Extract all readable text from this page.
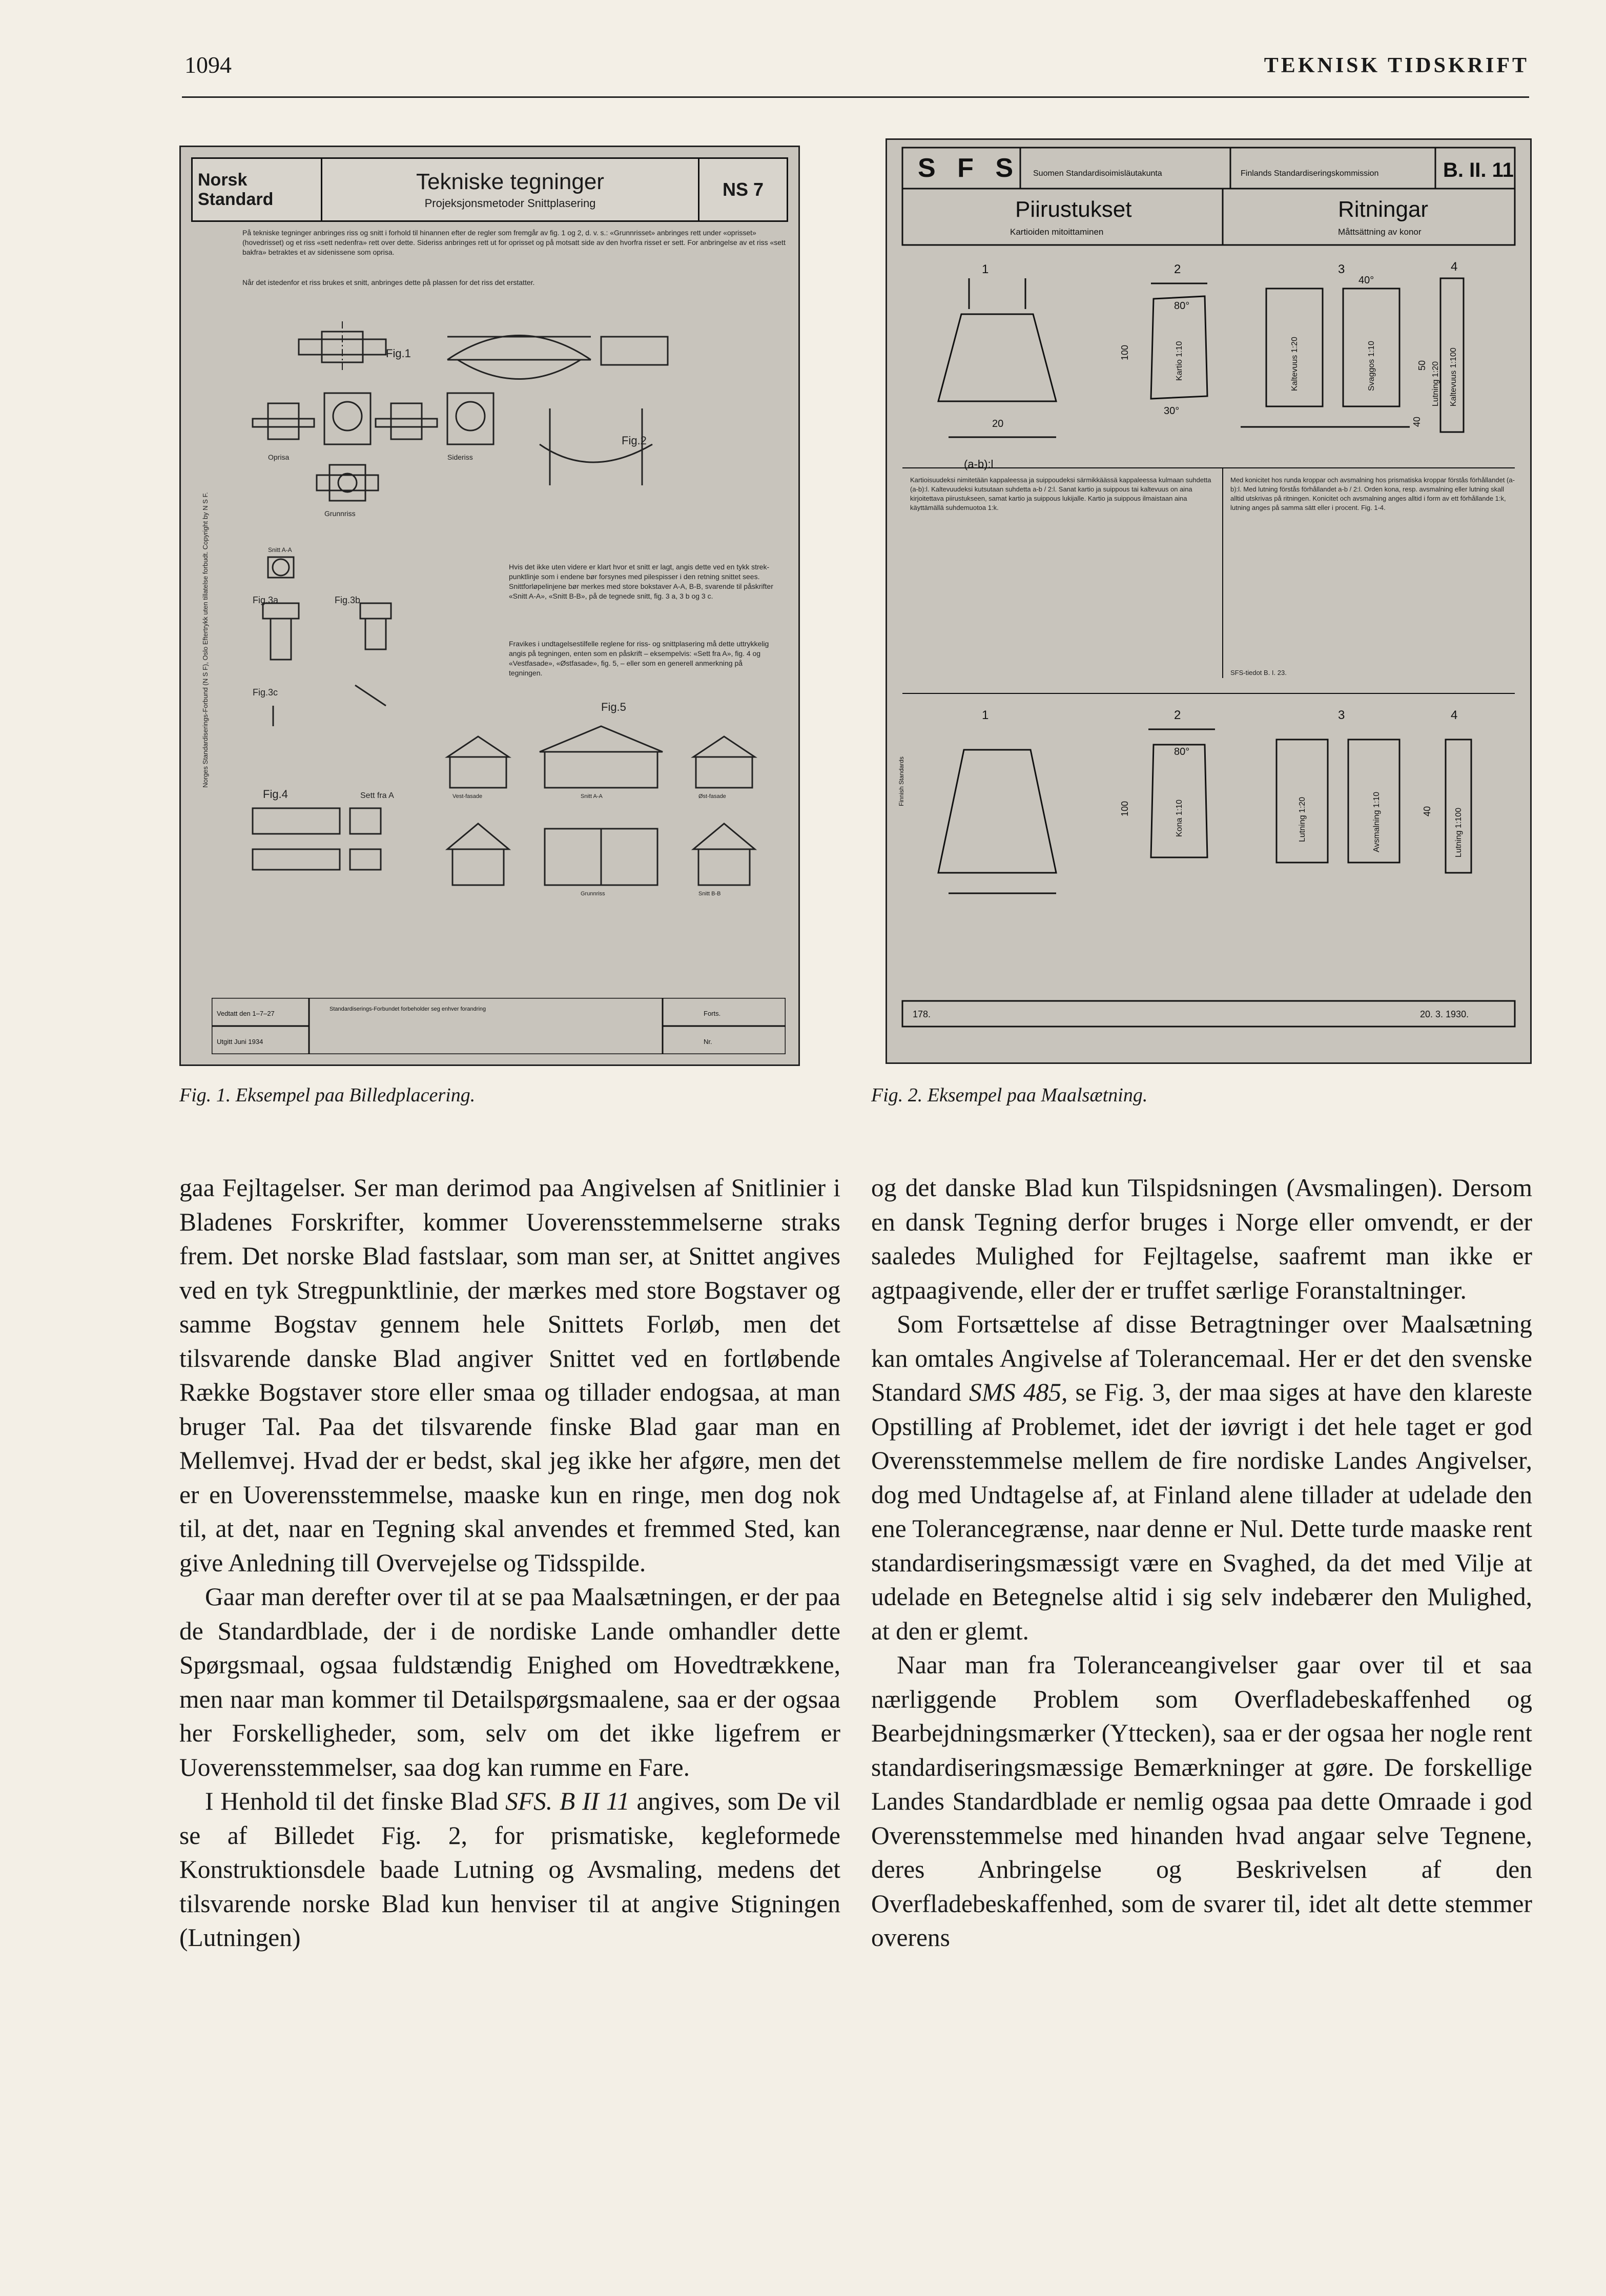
1094	TEKNISK TIDSKRIFT
Norsk Standard
Tekniske tegninger
Projeksjonsmetoder Snittplasering
NS 7
På tekniske tegninger anbringes riss og snitt i forhold til hinannen efter de regler som fremgår av fig. 1 og 2, d. v. s.: «Grunnrisset» anbringes rett under «oprisset» (hovedrisset) og et riss «sett nedenfra» rett over dette. Sideriss anbringes rett ut for oprisset og på motsatt side av den hvorfra risset er sett. For anbringelse av et riss «sett bakfra» betraktes et av sidenissene som oprisa.
Når det istedenfor et riss brukes et snitt, anbringes dette på plassen for det riss det erstatter.
Norges Standardiserings-Forbund (N S F), Oslo Eftertrykk uten tillatelse forbudt. Copyright by N S F.
Fig.1
Fig.2
Fig.3a	Fig.3b
Fig.3c
Fig.4
Fig.5
Oprisa	Sideriss
Grunnriss
Snitt A-A
Sett fra A	Vest-fasade	Snitt A-A	Øst-fasade
Grunnriss	Snitt B-B
Hvis det ikke uten videre er klart hvor et snitt er lagt, angis dette ved en tykk strek-punktlinje som i endene bør forsynes med pilespisser i den retning snittet sees. Snittforløpelinjene bør merkes med store bokstaver A-A, B-B, svarende til påskrifter «Snitt A-A», «Snitt B-B», på de tegnede snitt, fig. 3 a, 3 b og 3 c.
Fravikes i undtagelsestilfelle reglene for riss- og snittplasering må dette uttrykkelig angis på tegningen, enten som en påskrift – eksempelvis: «Sett fra A», fig. 4 og «Vestfasade», «Østfasade», fig. 5, – eller som en generell anmerkning på tegningen.
Vedtatt den 1–7–27
Utgitt Juni 1934
Standardiserings-Forbundet forbeholder seg enhver forandring
Forts.
Nr.
S F S Suomen Standardisoimisläutakunta	Finlands Standardiseringskommission	B. II. 11
Piirustukset
Kartioiden mitoittaminen
Ritningar
Måttsättning av konor
1	2	3	4
80°
30°
40°
20
100
50
40
Kartio 1:10	Kaltevuus 1:20	Svaggos 1:10	Lutning 1:20 Kaltevuus 1:100
(a-b):l
1	2	3	4
80°
100	40
Kona 1:10	Lutning 1:20	Avsmalning 1:10	Lutning 1:100
178.	20. 3. 1930.
Finnish Standards
Kartioisuudeksi nimitetään kappaleessa ja suippoudeksi särmikkäässä kappaleessa kulmaan suhdetta (a-b):l. Kaltevuudeksi kutsutaan suhdetta a-b / 2:l. Sanat kartio ja suippous tai kaltevuus on aina kirjoitettava piirustukseen, samat kartio ja suippous lukijalle. Kartio ja suippous ilmaistaan aina käyttämällä suhdemuotoa 1:k.
Med konicitet hos runda kroppar och avsmalning hos prismatiska kroppar förstås förhållandet (a-b):l. Med lutning förstås förhållandet a-b / 2:l. Orden kona, resp. avsmalning eller lutning skall alltid utskrivas på ritningen. Konicitet och avsmalning anges alltid i form av ett förhållande 1:k, lutning anges på samma sätt eller i procent. Fig. 1-4.
SFS-tiedot B. I. 23.
Fig. 1. Eksempel paa Billedplacering.	Fig. 2. Eksempel paa Maalsætning.

gaa Fejltagelser. Ser man derimod paa Angivelsen af Snitlinier i Bladenes Forskrifter, kommer Uoverensstemmelserne straks frem. Det norske Blad fastslaar, som man ser, at Snittet angives ved en tyk Stregpunktlinie, der mærkes med store Bogstaver og samme Bogstav gennem hele Snittets Forløb, men det tilsvarende danske Blad angiver Snittet ved en fortløbende Række Bogstaver store eller smaa og tillader endogsaa, at man bruger Tal. Paa det tilsvarende finske Blad gaar man en Mellemvej. Hvad der er bedst, skal jeg ikke her afgøre, men det er en Uoverensstemmelse, maaske kun en ringe, men dog nok til, at det, naar en Tegning skal anvendes et fremmed Sted, kan give Anledning till Overvejelse og Tidsspilde.

Gaar man derefter over til at se paa Maalsætningen, er der paa de Standardblade, der i de nordiske Lande omhandler dette Spørgsmaal, ogsaa fuldstændig Enighed om Hovedtrækkene, men naar man kommer til Detailspørgsmaalene, saa er der ogsaa her Forskelligheder, som, selv om det ikke ligefrem er Uoverensstemmelser, saa dog kan rumme en Fare.

I Henhold til det finske Blad SFS. B II 11 angives, som De vil se af Billedet Fig. 2, for prismatiske, kegleformede Konstruktionsdele baade Lutning og Avsmaling, medens det tilsvarende norske Blad kun henviser til at angive Stigningen (Lutningen)

og det danske Blad kun Tilspidsningen (Avsmalingen). Dersom en dansk Tegning derfor bruges i Norge eller omvendt, er der saaledes Mulighed for Fejltagelse, saafremt man ikke er agtpaagivende, eller der er truffet særlige Foranstaltninger.

Som Fortsættelse af disse Betragtninger over Maalsætning kan omtales Angivelse af Tolerancemaal. Her er det den svenske Standard SMS 485, se Fig. 3, der maa siges at have den klareste Opstilling af Problemet, idet der iøvrigt i det hele taget er god Overensstemmelse mellem de fire nordiske Landes Angivelser, dog med Undtagelse af, at Finland alene tillader at udelade den ene Tolerancegrænse, naar denne er Nul. Dette turde maaske rent standardiseringsmæssigt være en Svaghed, da det med Vilje at udelade en Betegnelse altid i sig selv indebærer den Mulighed, at den er glemt.

Naar man fra Toleranceangivelser gaar over til et saa nærliggende Problem som Overfladebeskaffenhed og Bearbejdningsmærker (Yttecken), saa er der ogsaa her nogle rent standardiseringsmæssige Bemærkninger at gøre. De forskellige Landes Standardblade er nemlig ogsaa paa dette Omraade i god Overensstemmelse med hinanden hvad angaar selve Tegnene, deres Anbringelse og Beskrivelsen af den Overfladebeskaffenhed, som de svarer til, idet alt dette stemmer overens
